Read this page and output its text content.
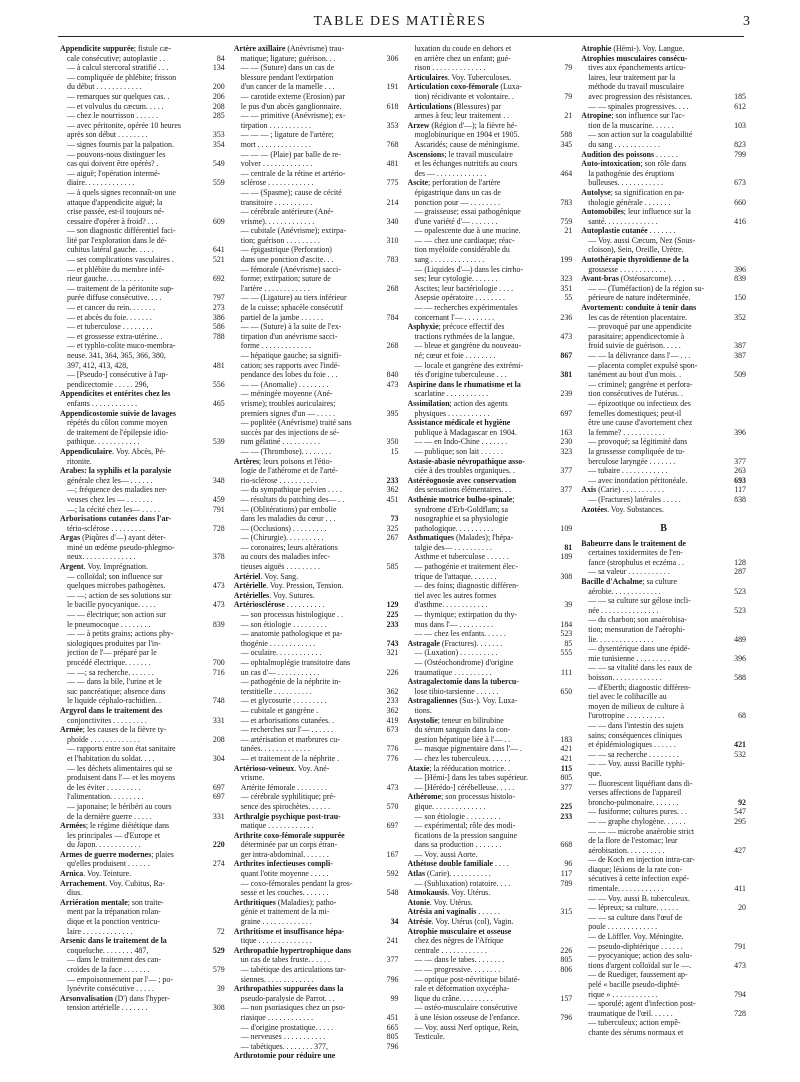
TABLE DES MATIÈRES	3
Appendicite suppurée; fistule cæ-
cale consécutive; autoplastie . .	84
— à calcul stercoral stratifié . . .	134
— compliquée de phlébite; frisson
du début . . . . . . . . . . . .	200
— remarques sur quelques cas. .	206
— et volvulus du cæcum. . . . .	208
— chez le nourrisson . . . . . .	285
— avec péritonite, opérée 10 heures
après son début . . . . . . . .	353
— signes fournis par la palpation.	354
— pouvons-nous distinguer les
cas qui doivent être opérés? .	549
— aiguë; l'opération intermé-
diaire. . . . . . . . . . . . .	559
— à quels signes reconnaît-on une
attaque d'appendicite aiguë; la
crise passée, est-il toujours né-
cessaire d'opérer à froid? . . .	609
— son diagnostic différentiel faci-
lité par l'exploration dans le dé-
cubitus latéral gauche. . . . .	641
— ses complications vasculaires .	521
— et phlébite du membre infé-
rieur gauche. . . . . . . . . .	692
— traitement de la péritonite sup-
purée diffuse consécutive. . . .	797
— et cancer du rein. . . . . . .	273
— et abcès du foie. . . . . . .	386
— et tuberculose . . . . . . . .	586
— et grossesse extra-utérine. .	788
— et typhlo-colite muco-membra-
neuse. 341, 364, 365, 366, 380,
397, 412, 413, 428,	481
— [Pseudo-] consécutive à l'ap-
pendicectomie . . . . . 296,	556
Appendicites et entérites chez les
enfants . . . . . . . . . . . .	465
Appendicostomie suivie de lavages
répétés du côlon comme moyen
de traitement de l'épilepsie idio-
pathique. . . . . . . . . . . .	539
Appendiculaire. Voy. Abcès, Pé-
ritonite.
Arabes: la syphilis et la paralysie
générale chez les— . . . . . .	348
—; fréquence des maladies ner-
veuses chez les — . . . . . . .	459
—; la cécité chez les— . . . . .	791
Arborisations cutanées dans l'ar-
tério-sclérose . . . . . . . . .	728
Argas (Piqûres d'—) ayant déter-
miné un œdème pseudo-phlegmo-
neux. . . . . . . . . . . . . .	378
Argent. Voy. Imprégnation.
— colloïdal; son influence sur
quelques microbes pathogènes.	473
— —; action de ses solutions sur
le bacille pyocyanique. . . . .	473
— — électrique; son action sur
le pneumocoque . . . . . . . .	839
— — à petits grains; actions phy-
siologiques produites par l'in-
jection de l'— préparé par le
procédé électrique. . . . . . .	700
— —; sa recherche. . . . . . .	716
— — dans la bile, l'urine et le
suc pancréatique; absence dans
le liquide céphalo-rachidien. .	748
Argyrol dans le traitement des
conjonctivites . . . . . . . . .	331
Armée; les causes de la fièvre ty-
phoïde . . . . . . . . . . . . .	208
— rapports entre son état sanitaire
et l'habitation du soldat. . . .	304
— les déchets alimentaires qui se
produisent dans l'— et les moyens
de les éviter . . . . . . . . .	697
l'alimentation. . . . . . . . .	697
— japonaise; le béribéri au cours
de la dernière guerre . . . . .	331
Armées; le régime diététique dans
les principales — d'Europe et
du Japon. . . . . . . . . . . .	220
Armes de guerre modernes; plaies
qu'elles produisent . . . . . .	274
Arnica. Voy. Teinture.
Arrachement. Voy. Cubitus, Ra-
dius.
Arriération mentale; son traite-
ment par la trépanation rolan-
dique et la ponction ventricu-
laire . . . . . . . . . . . . .	72
Arsenic dans le traitement de la
coqueluche. . . . . . . . 487,	529
— dans le traitement des can-
croïdes de la face . . . . . . .	579
— empoisonnement par l'— ; po-
lynévrite consécutive . . . . .	39
Arsonvalisation (D') dans l'hyper-
tension artérielle . . . . . . .	308
Artère axillaire (Anévrisme) trau-
matique; ligature; guérison. . .	306
— — (Suture) dans un cas de
blessure pendant l'extirpation
d'un cancer de la mamelle . . .	191
— carotide externe (Erosion) par
le pus d'un abcès ganglionnaire.	618
— — primitive (Anévrisme); ex-
tirpation . . . . . . . . . . .	353
— — — ; ligature de l'artère;
mort . . . . . . . . . . . . . .	768
— — — (Plaie) par balle de re-
volver . . . . . . . . . . . . .	481
— centrale de la rétine et artério-
sclérose . . . . . . . . . . . .	775
— — (Spasme); cause de cécité
transitoire . . . . . . . . . .	214
— cérébrale antérieure (Ané-
vrisme). . . . . . . . . . . . .	340
— cubitale (Anévrisme); extirpa-
tion; guérison . . . . . . . . .	310
— épigastrique (Perforation)
dans une ponction d'ascite. . .	783
— fémorale (Anévrisme) sacci-
forme; extirpation; suture de
l'artère . . . . . . . . . . . .	268
— — (Ligature) au tiers inférieur
de la cuisse; sphacèle consécutif
partiel de la jambe . . . . . .	784
— — (Suture) à la suite de l'ex-
tirpation d'un anévrisme sacci-
forme . . . . . . . . . . . . .	268
— hépatique gauche; sa signifi-
cation; ses rapports avec l'indé-
pendance des lobes du foie . . .	840
— — (Anomalie) . . . . . . . .	473
— méningée moyenne (Ané-
vrisme); troubles auriculaires;
premiers signes d'un — . . . . .	395
— poplitée (Anévrisme) traité sans
succès par des injections de sé-
rum gélatiné . . . . . . . . . .	350
— — (Thrombose). . . . . . . .	15
Artères; leurs poisons et l'étio-
logie de l'athérome et de l'arté-
rio-sclérose . . . . . . . . . .	233
— du sympathique pelvien . . . .	362
— résultats du patching des— . .	451
— (Oblitérations) par embolie
dans les maladies du cœur . . .	73
— (Occlusions) . . . . . . . . .	325
— (Chirurgie). . . . . . . . . .	267
— coronaires; leurs altérations
au cours des maladies infec-
tieuses aiguës . . . . . . . . .	585
Artériel. Voy. Sang.
Artérielle. Voy. Pression, Tension.
Artérielles. Voy. Sutures.
Artériosclérose . . . . . . . . . .	129
— son processus histologique . .	225
— son étiologie . . . . . . . . .	233
— anatomie pathologique et pa-
thogénie . . . . . . . . . . . .	743
— oculaire. . . . . . . . . . . .	321
— ophtalmoplégie transitoire dans
un cas d'— . . . . . . . . . . .	226
— pathogénie de la néphrite in-
terstitielle . . . . . . . . . .	362
— et glycosurie . . . . . . . . .	233
— cubitale et gangrène .	362
— et arborisations cutanées. .	419
— recherches sur l'— . . . . . .	673
— artérisation et marbrures cu-
tanées. . . . . . . . . . . . .	776
— et traitement de la néphrite .	776
Artérioso-veineux. Voy. Ané-
vrisme.
Artérite fémorale . . . . . . . .	473
— cérébrale syphilitique; pré-
sence des spirochètes. . . . . .	570
Arthralgie psychique post-trau-
matique . . . . . . . . . . . .	697
Arthrite coxo-fémorale suppurée
déterminée par un corps étran-
ger intra-abdominal. . . . . . .	167
Arthrites infectieuses compli-
quant l'otite moyenne . . . . .	592
— coxo-fémorales pendant la gros-
sesse et les couches. . . . . . .	548
Arthritiques (Maladies); patho-
génie et traitement de la mi-
graine . . . . . . . . . . . . .	34
Arthritisme et insuffisance hépa-
tique . . . . . . . . . . . . . .	241
Arthropathie hypertrophique dans
un cas de tabes fruste. . . . . .	377
— tabétique des articulations tar-
siennes. . . . . . . . . . . . .	796
Arthropathies suppurées dans la
pseudo-paralysie de Parrot. . .	99
— non psoriasiques chez un pso-
riasique . . . . . . . . . . . .	451
— d'origine prostatique. . . . .	665
— nerveuses . . . . . . . . . . .	805
— tabétiques. . . . . . . . 377,	796
Arthrotomie pour réduire une
luxation du coude en dehors et
en arrière chez un enfant; gué-
rison . . . . . . . . . . . . . .	79
Articulaires. Voy. Tuberculoses.
Articulation coxo-fémorale (Luxa-
tion) récidivante et volontaire. .	79
Articulations (Blessures) par
armes à feu; leur traitement . .	21
Arzew (Région d'—); la fièvre hé-
moglobinurique en 1904 et 1905.	588
Ascaridés; cause de méningisme.	345
Ascensions; le travail musculaire
et les échanges nutritifs au cours
des — . . . . . . . . . . . . .	464
Ascite; perforation de l'artère
épigastrique dans un cas de
ponction pour — . . . . . . . .	783
— graisseuse; essai pathogénique
d'une variété d'— . . . . . . .	759
— opalescente due à une mucine.	21
— — chez une cardiaque; réac-
tion myéloïde considérable du
sang . . . . . . . . . . . . . .	199
— (Liquides d'—) dans les cirrho-
ses; leur cytologie. . . . . . .	323
Ascites; leur bactériologie . . . .	351
Asepsie opératoire . . . . . . . .	55
— — recherches expérimentales
concernant l'— . . . . . . . .	236
Asphyxie; précoce effectif des
tractions rythmées de la langue.	473
— bleue et gangrène du nouveau-
né; cœur et foie . . . . . . . .	867
— locale et gangrène des extrémi-
tés d'origine tuberculeuse . . .	381
Aspirine dans le rhumatisme et la
scarlatine . . . . . . . . . . .	239
Assimilation; action des agents
physiques . . . . . . . . . . .	697
Assistance médicale et hygiène
publique à Madagascar en 1904.	163
— — en Indo-Chine . . . . . . .	230
— publique; son lait . . . . . .	323
Astasie-abasie névropathique asso-
ciée à des troubles organiques. .	377
Astéréognosie avec conservation
des sensations élémentaires. . .	377
Asthénie motrice bulbo-spinale;
syndrome d'Erb-Goldflam; sa
nosographie et sa physiologie
pathologique. . . . . . . . . .	109
Asthmatiques (Malades); l'hépa-
talgie des— . . . . . . . . . .	81
Asthme et tuberculose . . . . . .	189
— pathogénie et traitement élec-
trique de l'attaque. . . . . . .	308
— des foins; diagnostic différen-
tiel avec les autres formes
d'asthme. . . . . . . . . . . .	39
— thymique; extirpation du thy-
mus dans l'— . . . . . . . . .	184
— — chez les enfants. . . . . .	523
Astragale (Fractures). . . . . . .	85
— (Luxation) . . . . . . . . . .	555
— (Ostéochondrome) d'origine
traumatique . . . . . . . . . .	111
Astragalectomie dans la tubercu-
lose tibio-tarsienne . . . . . .	650
Astragaliennes (Sus-). Voy. Luxa-
tions.
Asystolie; teneur en bilirubine
du sérum sanguin dans la con-
gestion hépatique liée à l'— . .	183
— masque pigmentaire dans l'— .	421
— chez les tuberculeux. . . . . .	421
Ataxie; la rééducation motrice. .	115
— [Hémi-] dans les tabes supérieur.	805
— [Hérédo-] cérébelleuse. . . . .	377
Athérome; son processus histolo-
gique. . . . . . . . . . . . . .	225
— son étiologie . . . . . . . . .	233
— expérimental; rôle des modi-
fications de la pression sanguine
dans sa production . . . . . . .	668
— Voy. aussi Aorte.
Athétose double familiale . . . .	96
Atlas (Carie). . . . . . . . . . .	117
— (Subluxation) rotatoire. . . .	789
Atmokausis. Voy. Utérus.
Atonie. Voy. Utérus.
Atrésia ani vaginalis . . . . . .	315
Atrésie. Voy. Utérus (col), Vagin.
Atrophie musculaire et osseuse
chez des nègres de l'Afrique
centrale . . . . . . . . . . . .	226
— — dans le tabes. . . . . . . .	805
— — progressive. . . . . . . .	806
— optique post-névritique bilaté-
rale et déformation oxycépha-
lique du crâne. . . . . . . . .	157
— ostéo-musculaire consécutive
à une lésion osseuse de l'enfance.	796
— Voy. aussi Nerf optique, Rein,
Testicule.
Atrophie (Hémi-). Voy. Langue.
Atrophies musculaires consécu-
tives aux épanchements articu-
laires, leur traitement par la
méthode du travail musculaire
avec progression des résistances.	185
— — spinales progressives. . . .	612
Atropine; son influence sur l'ac-
tion de la muscarine. . . . . .	103
— son action sur la coagulabilité
du sang . . . . . . . . . . . .	823
Audition des poissons . . . . . .	799
Auto-intoxication; son rôle dans
la pathogénie des éruptions
bulleuses. . . . . . . . . . . .	673
Autolyse; sa signification en pa-
thologie générale . . . . . . .	660
Automobiles; leur influence sur la
santé. . . . . . . . . . . . . .	416
Autoplastie cutanée . . . . . . .
— Voy. aussi Cæcum, Nez (Sous-
cloison), Sein, Oreille, Urètre.
Autothérapie thyroïdienne de la
grossesse . . . . . . . . . . . .	396
Avant-bras (Ostéosarcome). . . .	839
— — (Tuméfaction) de la région su-
périeure de nature indéterminée.	150
Avortement: conduite à tenir dans
les cas de rétention placentaire.	352
— provoqué par une appendicite
parasitaire; appendicectomie à
froid suivie de guérison. . . . .	387
— — la délivrance dans l'— . . .	387
— placenta complet expulsé spon-
tanément au bout d'un mois. .	509
— criminel; gangrène et perfora-
tion consécutives de l'utérus. .
— épizootique ou infectieux des
femelles domestiques; peut-il
être une cause d'avortement chez
la femme? . . . . . . . . . . .	396
— provoqué; sa légitimité dans
la grossesse compliquée de tu-
berculose laryngée . . . . . . .	377
— tubaire . . . . . . . . . . . .	263
— avec inondation péritonéale.	693
Axis (Carie) . . . . . . . . . . .	117
— (Fractures) latérales . . . . .	838
Azotées. Voy. Substances.
B
Babeurre dans le traitement de
certaines toxidermites de l'en-
fance (strophulus et eczéma . .	128
— sa valeur . . . . . . . . . . .	287
Bacille d'Achalme; sa culture
aérobie. . . . . . . . . . . . .	523
— — sa culture sur gélose incli-
née . . . . . . . . . . . . . . .	523
— du charbon; son anaérobisa-
tion; mensuration de l'aérophi-
lie. . . . . . . . . . . . . . .	489
— dysentérique dans une épidé-
mie tunisienne . . . . . . . . .	396
— — sa vitalité dans les eaux de
boisson. . . . . . . . . . . . .	588
— d'Eberth; diagnostic différen-
tiel avec le colibacille au
moyen de milieux de culture à
l'urotropine . . . . . . . . . .	68
— — dans l'intestin des sujets
sains; conséquences cliniques
et épidémiologiques . . . . . .	421
— — sa recherche . . . . . . . .	532
— — Voy. aussi Bacille typhi-
que.
— fluorescent liquéfiant dans di-
verses affections de l'appareil
broncho-pulmonaire. . . . . . .	92
— fusiforme; cultures pures. . .	547
— — graphe chylogène. . . . . .	295
— — — microbe anaérobie strict
de la flore de l'estomac; leur
aérobisation. . . . . . . . . .	427
— de Koch en injection intra-car-
diaque; lésions de la rate con-
sécutives à cette infection expé-
rimentale. . . . . . . . . . . .	411
— — Voy. aussi B. tuberculeux.
— lépreux; sa culture. . . . . .	20
— — sa culture dans l'œuf de
poule . . . . . . . . . . . . .
— de Löffler. Voy. Méningite.
— pseudo-diphtérique . . . . . .	791
— pyocyanique; action des solu-
tions d'argent colloïdal sur le —.	473
— de Ruediger, faussement ap-
pelé « bacille pseudo-diphté-
rique » . . . . . . . . . . . .	794
— sporulé; agent d'infection post-
traumatique de l'œil. . . . . .	728
— tuberculeux; action empê-
chante des sérums normaux et
